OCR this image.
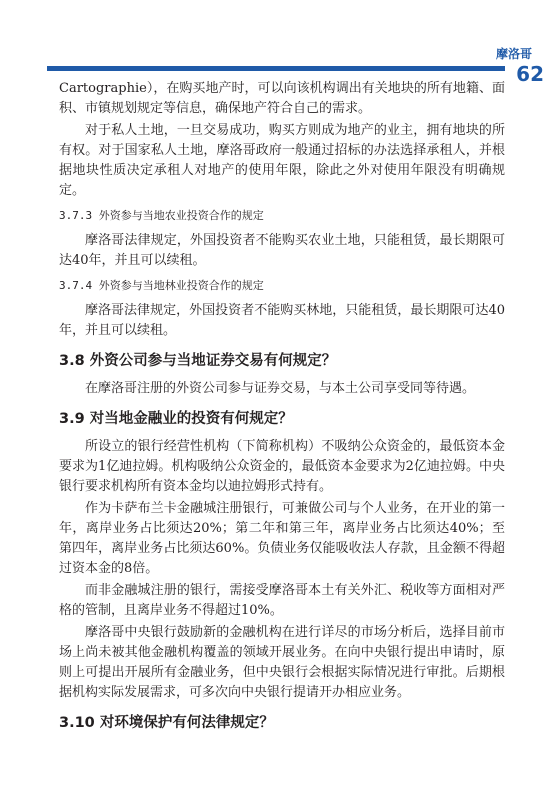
摩洛哥
62

Cartographie），在购买地产时，可以向该机构调出有关地块的所有地籍、面积、市镇规划规定等信息，确保地产符合自己的需求。

对于私人土地，一旦交易成功，购买方则成为地产的业主，拥有地块的所有权。对于国家私人土地，摩洛哥政府一般通过招标的办法选择承租人，并根据地块性质决定承租人对地产的使用年限，除此之外对使用年限没有明确规定。

3.7.3 外资参与当地农业投资合作的规定

摩洛哥法律规定，外国投资者不能购买农业土地，只能租赁，最长期限可达40年，并且可以续租。

3.7.4 外资参与当地林业投资合作的规定

摩洛哥法律规定，外国投资者不能购买林地，只能租赁，最长期限可达40年，并且可以续租。

3.8 外资公司参与当地证券交易有何规定？

在摩洛哥注册的外资公司参与证券交易，与本土公司享受同等待遇。

3.9 对当地金融业的投资有何规定？

所设立的银行经营性机构（下简称机构）不吸纳公众资金的，最低资本金要求为1亿迪拉姆。机构吸纳公众资金的，最低资本金要求为2亿迪拉姆。中央银行要求机构所有资本金均以迪拉姆形式持有。

作为卡萨布兰卡金融城注册银行，可兼做公司与个人业务，在开业的第一年，离岸业务占比须达20%；第二年和第三年，离岸业务占比须达40%；至第四年，离岸业务占比须达60%。负债业务仅能吸收法人存款，且金额不得超过资本金的8倍。

而非金融城注册的银行，需接受摩洛哥本土有关外汇、税收等方面相对严格的管制，且离岸业务不得超过10%。

摩洛哥中央银行鼓励新的金融机构在进行详尽的市场分析后，选择目前市场上尚未被其他金融机构覆盖的领域开展业务。在向中央银行提出申请时，原则上可提出开展所有金融业务，但中央银行会根据实际情况进行审批。后期根据机构实际发展需求，可多次向中央银行提请开办相应业务。

3.10 对环境保护有何法律规定？
